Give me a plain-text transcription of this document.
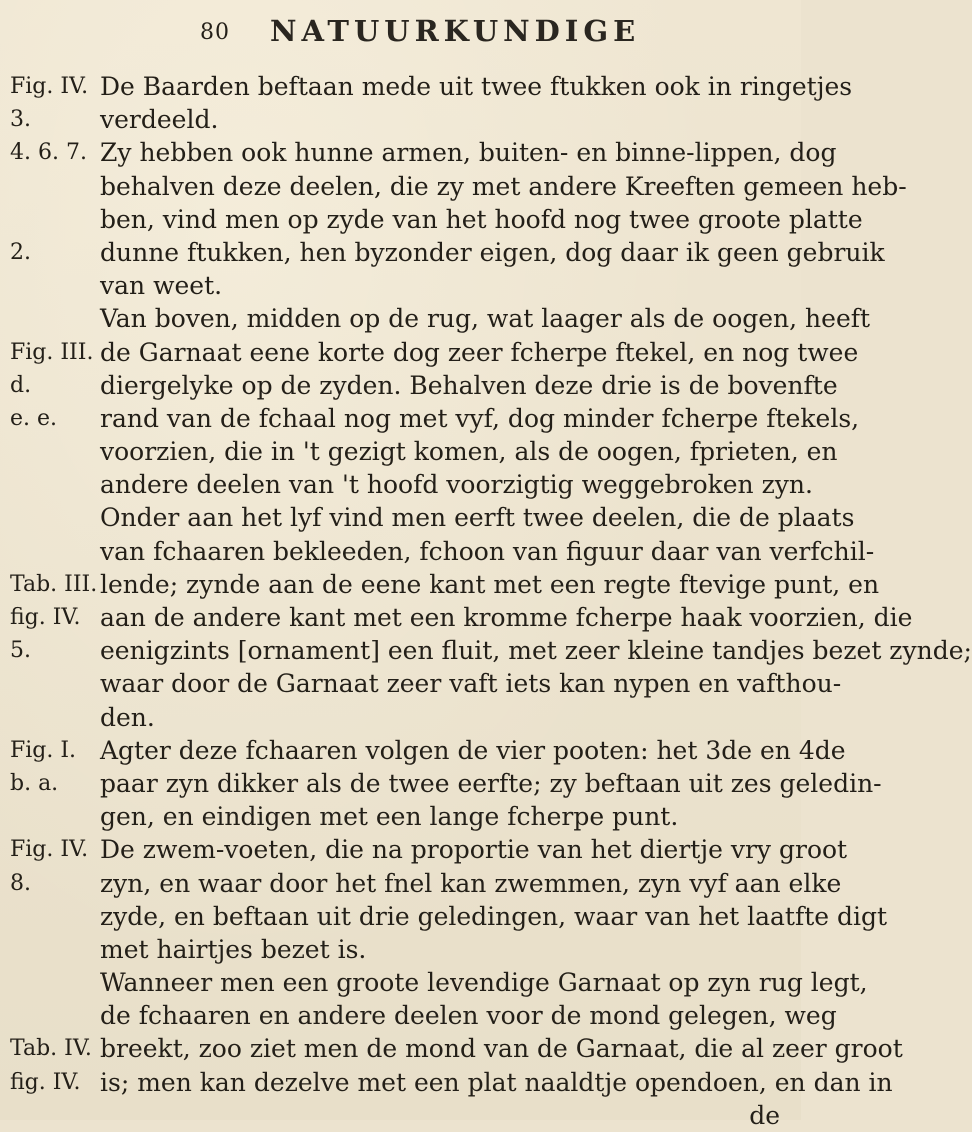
80 NATUURKUNDIGE
Fig. IV. De Baarden beftaan mede uit twee ftukken ook in ringetjes
3.	verdeeld.
4. 6. 7. Zy hebben ook hunne armen, buiten- en binne-lippen, dog
behalven deze deelen, die zy met andere Kreeften gemeen heb-
ben, vind men op zyde van het hoofd nog twee groote platte
2.	dunne ftukken, hen byzonder eigen, dog daar ik geen gebruik
van weet.
Van boven, midden op de rug, wat laager als de oogen, heeft
Fig. III. de Garnaat eene korte dog zeer fcherpe ftekel, en nog twee
d.	diergelyke op de zyden. Behalven deze drie is de bovenfte
e. e. rand van de fchaal nog met vyf, dog minder fcherpe ftekels,
voorzien, die in 't gezigt komen, als de oogen, fprieten, en
andere deelen van 't hoofd voorzigtig weggebroken zyn.
Onder aan het lyf vind men eerft twee deelen, die de plaats
van fchaaren bekleeden, fchoon van figuur daar van verfchil-
Tab. III. lende; zynde aan de eene kant met een regte ftevige punt, en
fig. IV. aan de andere kant met een kromme fcherpe haak voorzien, die
5.	eenigzints [ornament] een fluit, met zeer kleine tandjes bezet zynde;
waar door de Garnaat zeer vaft iets kan nypen en vafthou-
den.
Fig. I. Agter deze fchaaren volgen de vier pooten: het 3de en 4de
b. a. paar zyn dikker als de twee eerfte; zy beftaan uit zes geledin-
gen, en eindigen met een lange fcherpe punt.
Fig. IV. De zwem-voeten, die na proportie van het diertje vry groot
8.	zyn, en waar door het fnel kan zwemmen, zyn vyf aan elke
zyde, en beftaan uit drie geledingen, waar van het laatfte digt
met hairtjes bezet is.
Wanneer men een groote levendige Garnaat op zyn rug legt,
de fchaaren en andere deelen voor de mond gelegen, weg
Tab. IV. breekt, zoo ziet men de mond van de Garnaat, die al zeer groot
fig. IV. is; men kan dezelve met een plat naaldtje opendoen, en dan in
de
